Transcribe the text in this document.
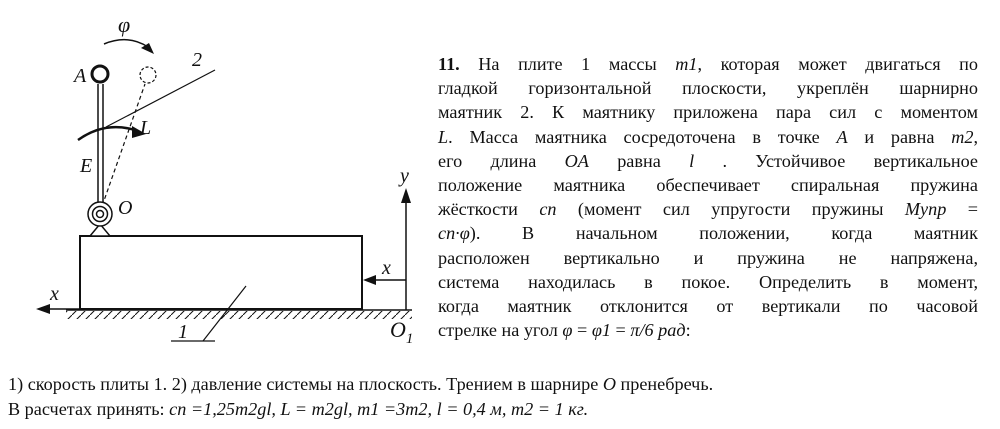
φ
A
2
L
E
O
y
x
x
1	$O_1$
11. На плите 1 массы m1, которая может двигаться по
гладкой горизонтальной плоскости, укреплён шарнирно
маятник 2. К маятнику приложена пара сил с моментом
L. Масса маятника сосредоточена в точке A и равна m2,
его длина OA равна l . Устойчивое вертикальное
положение маятника обеспечивает спиральная пружина
жёсткости cп (момент сил упругости пружины Mупр =
cп·φ). В начальном положении, когда маятник
расположен вертикально и пружина не напряжена,
система находилась в покое. Определить в момент,
когда маятник отклонится от вертикали по часовой
стрелке на угол φ = φ1 = π/6 рад:
1) скорость плиты 1. 2) давление системы на плоскость. Трением в шарнире O пренебречь.
В расчетах принять: cп =1,25m2gl, L = m2gl, m1 =3m2, l = 0,4 м, m2 = 1 кг.
